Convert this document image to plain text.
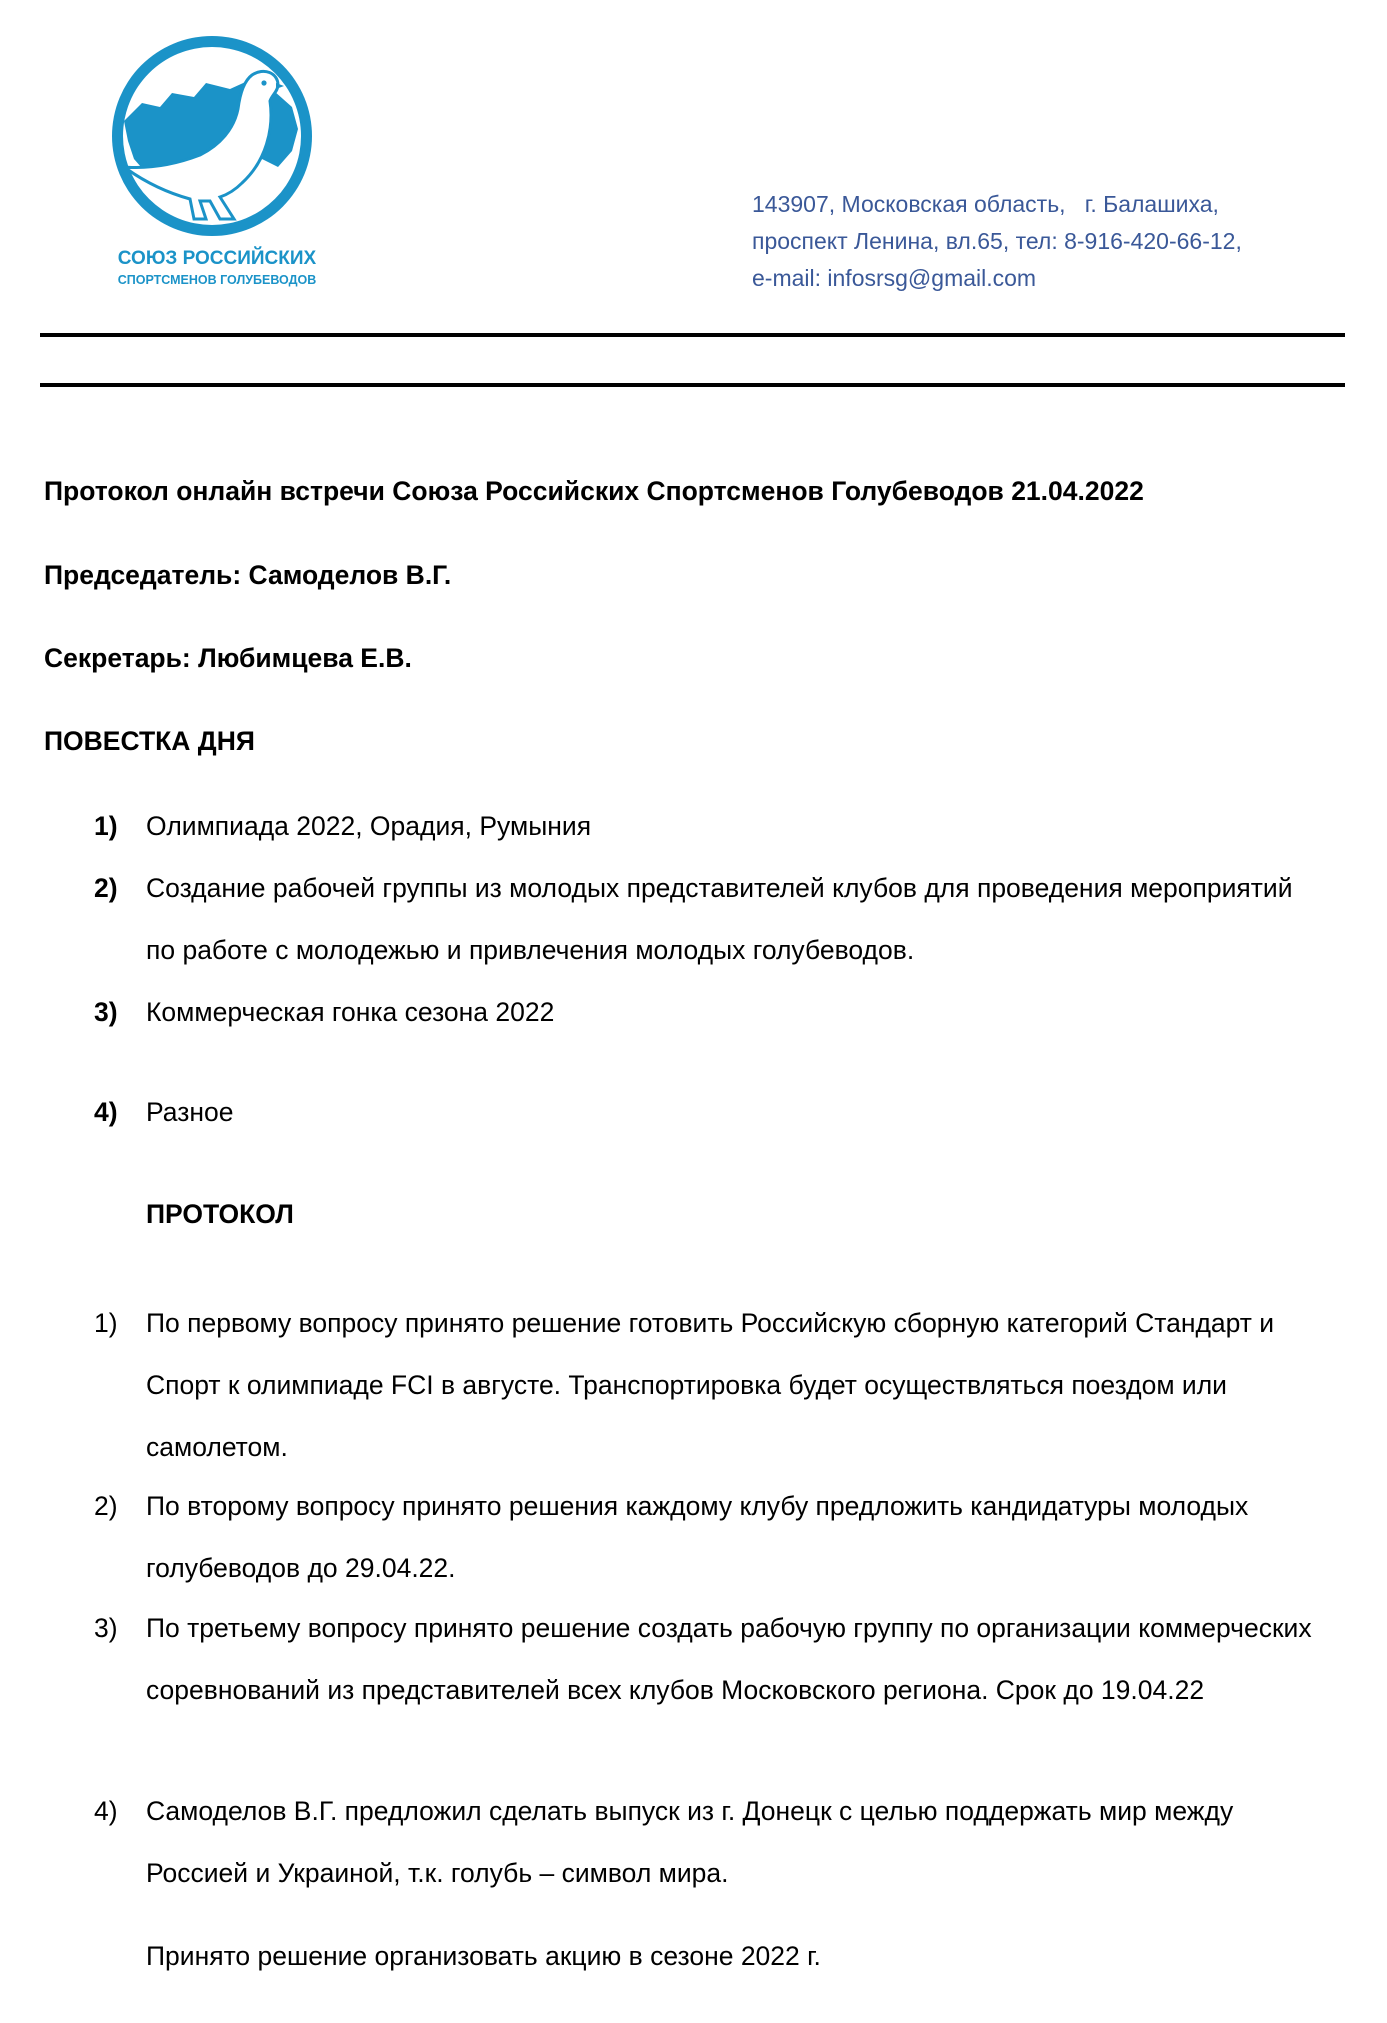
СОЮЗ РОССИЙСКИХ
СПОРТСМЕНОВ ГОЛУБЕВОДОВ
143907, Московская область,   г. Балашиха,
проспект Ленина, вл.65, тел: 8-916-420-66-12,
e-mail: infosrsg@gmail.com
Протокол онлайн встречи Союза Российских Спортсменов Голубеводов 21.04.2022
Председатель: Самоделов В.Г.
Секретарь: Любимцева Е.В.
ПОВЕСТКА ДНЯ
1)	Олимпиада 2022, Орадия, Румыния
2)	Создание рабочей группы из молодых представителей клубов для проведения мероприятий по работе с молодежью и привлечения молодых голубеводов.
3)	Коммерческая гонка сезона 2022
4)	Разное
ПРОТОКОЛ
1)	По первому вопросу принято решение готовить Российскую сборную категорий Стандарт и Спорт к олимпиаде FCI в августе. Транспортировка будет осуществляться поездом или самолетом.
2)	По второму вопросу принято решения каждому клубу предложить кандидатуры молодых голубеводов до 29.04.22.
3)	По третьему вопросу принято решение создать рабочую группу по организации коммерческих соревнований из представителей всех клубов Московского региона. Срок до 19.04.22
4)	Самоделов В.Г. предложил сделать выпуск из г. Донецк с целью поддержать мир между Россией и Украиной, т.к. голубь – символ мира.
Принято решение организовать акцию в сезоне 2022 г.
